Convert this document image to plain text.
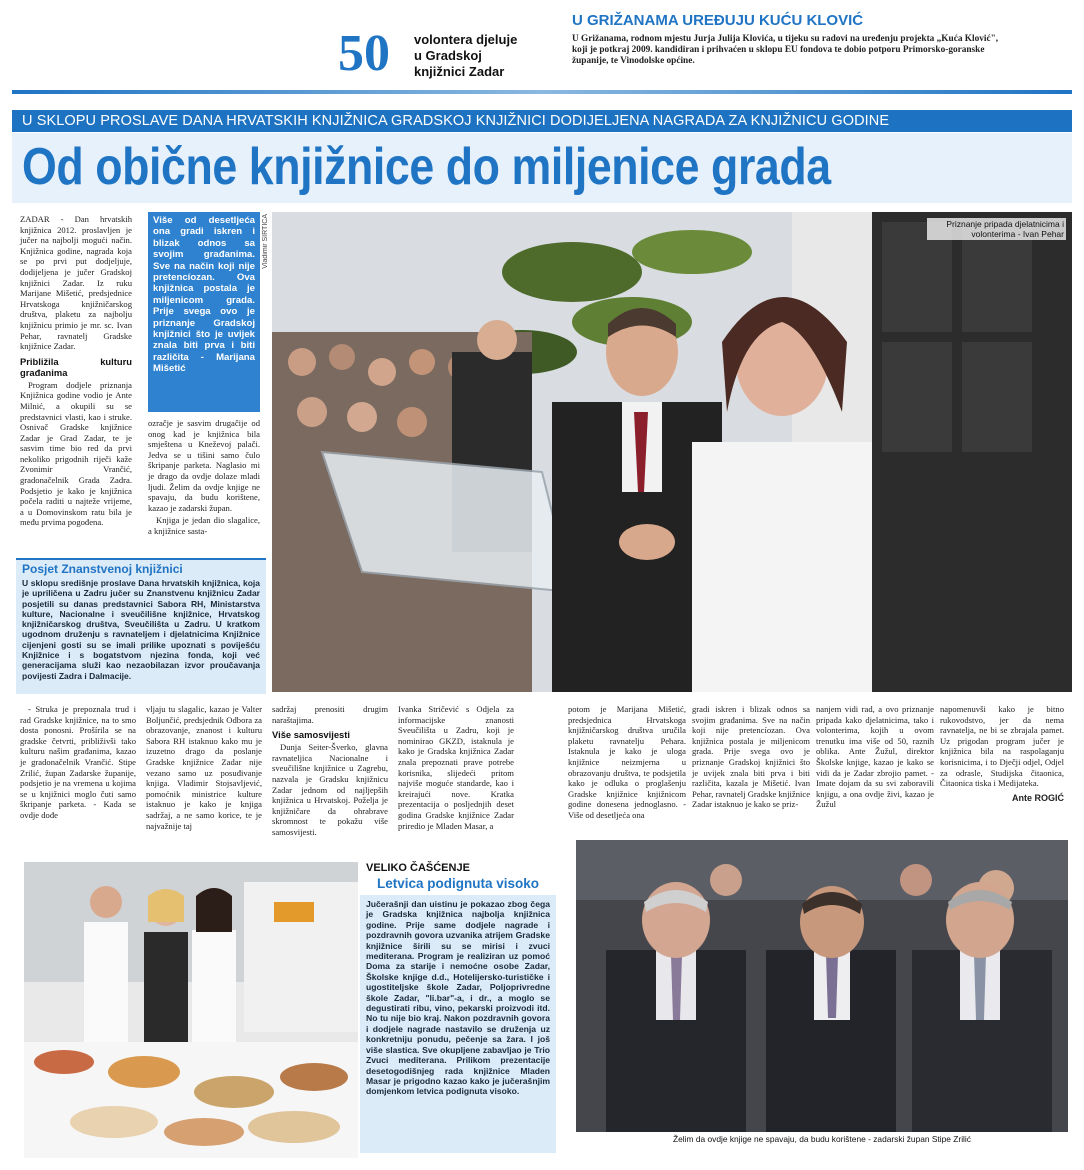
50 volontera djeluje
u Gradskoj
knjižnici Zadar
U GRIŽANAMA UREĐUJU KUĆU KLOVIĆ
U Grižanama, rodnom mjestu Jurja Julija Klovića, u tijeku su radovi na uređenju projekta „Kuća Klović", koji je potkraj 2009. kandidiran i prihvaćen u sklopu EU fondova te dobio potporu Primorsko-goranske županije, te Vinodolske općine.
U SKLOPU PROSLAVE DANA HRVATSKIH KNJIŽNICA GRADSKOJ KNJIŽNICI DODIJELJENA NAGRADA ZA KNJIŽNICU GODINE
Od obične knjižnice do miljenice grada

ZADAR - Dan hrvatskih knjižnica 2012. proslavljen je jučer na najbolji mogući način. Knjižnica godine, nagrada koja se po prvi put dodjeljuje, dodijeljena je jučer Gradskoj knjižnici Zadar. Iz ruku Marijane Mišetić, predsjednice Hrvatskoga knjižničarskog društva, plaketu za najbolju knjižnicu primio je mr. sc. Ivan Pehar, ravnatelj Gradske knjižnice Zadar.

Približila kulturu građanima

Program dodjele priznanja Knjižnica godine vodio je Ante Milnić, a okupili su se predstavnici vlasti, kao i struke. Osnivač Gradske knjižnice Zadar je Grad Zadar, te je sasvim time bio red da prvi nekoliko prigodnih riječi kaže Zvonimir Vrančić, gradonačelnik Grada Zadra. Podsjetio je kako je knjižnica počela raditi u najteže vrijeme, a u Domovinskom ratu bila je među prvima pogođena.

Više od desetljeća ona gradi iskren i blizak odnos sa svojim građanima. Sve na način koji nije pretencíozan. Ova knjižnica postala je miljenicom grada. Prije svega ovo je priznanje Gradskoj knjižnici što je uvijek znala biti prva i biti različita - Marijana Mišetić
Vladimir SIRTICA

ozračje je sasvim drugačije od onog kad je knjižnica bila smještena u Kneževoj palači. Jedva se u tišini samo čulo škripanje parketa. Naglasio mi je drago da ovdje dolaze mladi ljudi. Želim da ovdje knjige ne spavaju, da budu korištene, kazao je zadarski župan.

Knjiga je jedan dio slagalice, a knjižnice sasta-

Posjet Znanstvenoj knjižnici
U sklopu središnje proslave Dana hrvatskih knjižnica, koja je upriličena u Zadru jučer su Znanstvenu knjižnicu Zadar posjetili su danas predstavnici Sabora RH, Ministarstva kulture, Nacionalne i sveučilišne knjižnice, Hrvatskog knjižničarskog društva, Sveučilišta u Zadru. U kratkom ugodnom druženju s ravnateljem i djelatnicima Knjižnice cijenjeni gosti su se imali prilike upoznati s poviješću Knjižnice i s bogatstvom njezina fonda, koji već generacijama služi kao nezaobilazan izvor proučavanja povijesti Zadra i Dalmacije.
Priznanje pripada djelatnicima i volonterima - Ivan Pehar

- Struka je prepoznala trud i rad Gradske knjižnice, na to smo dosta ponosni. Prošírila se na gradske četvrti, približivši tako kulturu našim građanima, kazao je gradonačelnik Vrančić. Stipe Zrilić, župan Zadarske županije, podsjetio je na vremena u kojima se u knjižnici moglo čuti samo škripanje parketa. - Kada se ovdje dođe

vljaju tu slagalic, kazao je Valter Boljunčić, predsjednik Odbora za obrazovanje, znanost i kulturu Sabora RH istaknuo kako mu je izuzetno drago da poslanje Gradske knjižnice Zadar nije vezano samo uz posuđivanje knjiga. Vladimir Stojsavljević, pomoćnik ministrice kulture istaknuo je kako je knjiga sadržaj, a ne samo korice, te je najvažnije taj

sadržaj prenositi drugim naraštajima.

Više samosvijesti

Dunja Seiter-Šverko, glavna ravnateljica Nacionalne i sveučilišne knjižnice u Zagrebu, nazvala je Gradsku knjižnicu Zadar jednom od najljepših knjižnica u Hrvatskoj. Poželja je knjižničare da ohrabrave skromnost te pokažu više samosvijesti.

Ivanka Stričević s Odjela za informacijske znanosti Sveučilišta u Zadru, koji je nominirao GKZD, istaknula je kako je Gradska knjižnica Zadar znala prepoznati prave potrebe korisnika, slijedeći pritom najviše moguće standarde, kao i kreirajući nove. Kratka prezentacija o posljednjih deset godina Gradske knjižnice Zadar priredio je Mladen Masar, a

potom je Marijana Mišetić, predsjednica Hrvatskoga knjižničarskog društva uručila plaketu ravnatelju Pehara. Istaknula je kako je uloga knjižnice neizmjerna u obrazovanju društva, te podsjetila kako je odluka o proglašenju Gradske knjižnice knjižnicom godine donesena jednoglasno. - Više od desetljeća ona

gradi iskren i blizak odnos sa svojim građanima. Sve na način koji nije pretencíozan. Ova knjižnica postala je miljenicom grada. Prije svega ovo je priznanje Gradskoj knjižnici što je uvijek znala biti prva i biti različita, kazala je Mišetić. Ivan Pehar, ravnatelj Gradske knjižnice Zadar istaknuo je kako se priz-

nanjem vidi rad, a ovo priznanje pripada kako djelatnicima, tako i volonterima, kojih u ovom trenutku ima više od 50, raznih oblika. Ante Žužul, direktor Školske knjige, kazao je kako se vidi da je Zadar zbrojio pamet. - Imate dojam da su svi zaboravili knjigu, a ona ovdje živi, kazao je Žužul

napomenuvši kako je bitno rukovodstvo, jer da nema ravnatelja, ne bi se zbrajala pamet. Uz prigodan program jučer je knjižnica bila na raspolaganju korisnicima, i to Dječji odjel, Odjel za odrasle, Studijska čitaonica, Čitaonica tiska i Medijateka.

Ante ROGIĆ
VELIKO ČAŠĆENJE
Letvica podignuta visoko
Jučerašnji dan uistinu je pokazao zbog čega je Gradska knjižnica najbolja knjižnica godine. Prije same dodjele nagrade i pozdravnih govora uzvanika atrijem Gradske knjižnice širili su se mirisi i zvuci mediterana. Program je realiziran uz pomoć Doma za starije i nemoćne osobe Zadar, Školske knjige d.d., Hotelijersko-turističke i ugostiteljske škole Zadar, Poljoprivredne škole Zadar, "li.bar"-a, i dr., a moglo se degustirati ribu, vino, pekarski proizvodi itd. No tu nije bio kraj. Nakon pozdravnih govora i dodjele nagrade nastavilo se druženja uz konkretniju ponudu, pečenje sa žara. I još više slastica. Sve okupljene zabavljao je Trio Zvuci mediterana. Prilikom prezentacije desetogodišnjeg rada knjižnice Mladen Masar je prigodno kazao kako je jučerašnjim domjenkom letvica podignuta visoko.
Želim da ovdje knjige ne spavaju, da budu korištene - zadarski župan Stipe Zrilić
